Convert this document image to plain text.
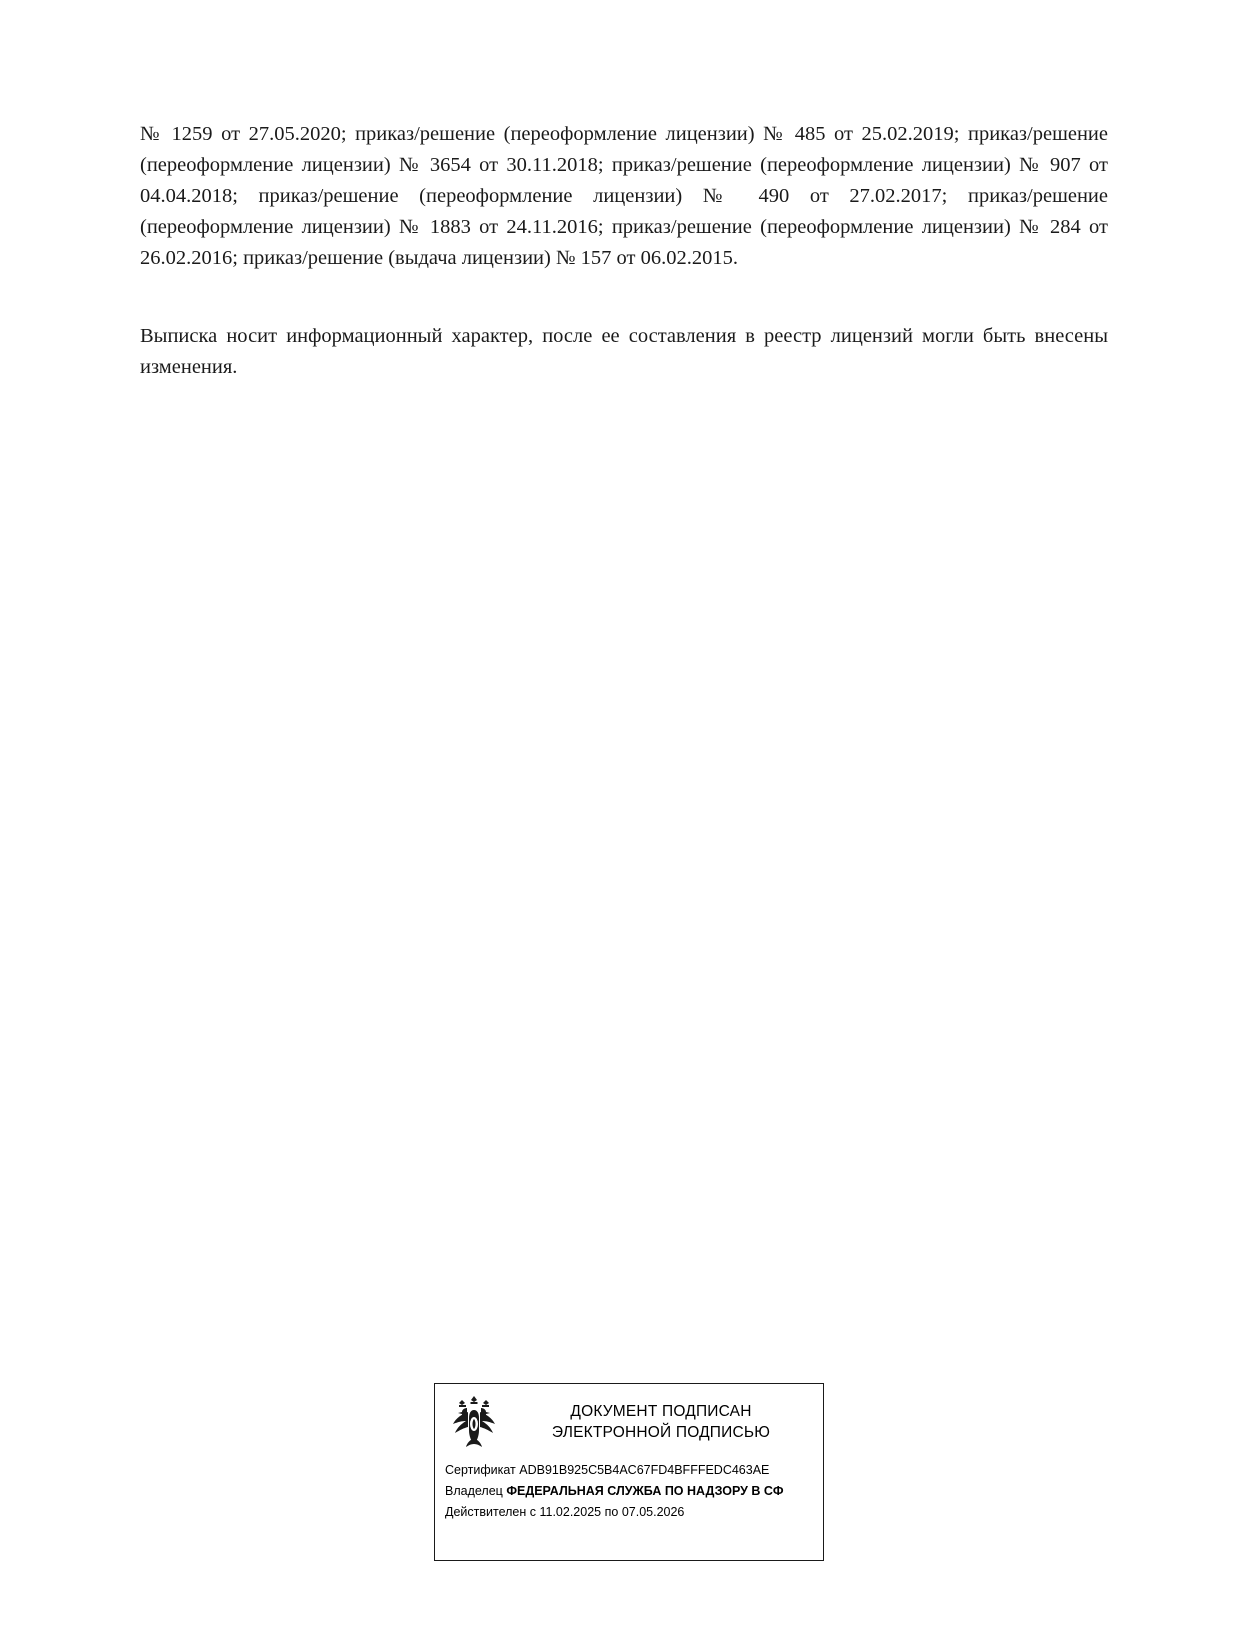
№ 1259 от 27.05.2020; приказ/решение (переоформление лицензии) № 485 от 25.02.2019; приказ/решение (переоформление лицензии) № 3654 от 30.11.2018; приказ/решение (переоформление лицензии) № 907 от 04.04.2018; приказ/решение (переоформление лицензии) № 490 от 27.02.2017; приказ/решение (переоформление лицензии) № 1883 от 24.11.2016; приказ/решение (переоформление лицензии) № 284 от 26.02.2016; приказ/решение (выдача лицензии) № 157 от 06.02.2015.

Выписка носит информационный характер, после ее составления в реестр лицензий могли быть внесены изменения.

ДОКУМЕНТ ПОДПИСАН
ЭЛЕКТРОННОЙ ПОДПИСЬЮ
Сертификат ADB91B925C5B4AC67FD4BFFFEDC463AE
Владелец ФЕДЕРАЛЬНАЯ СЛУЖБА ПО НАДЗОРУ В СФ
Действителен с 11.02.2025 по 07.05.2026
